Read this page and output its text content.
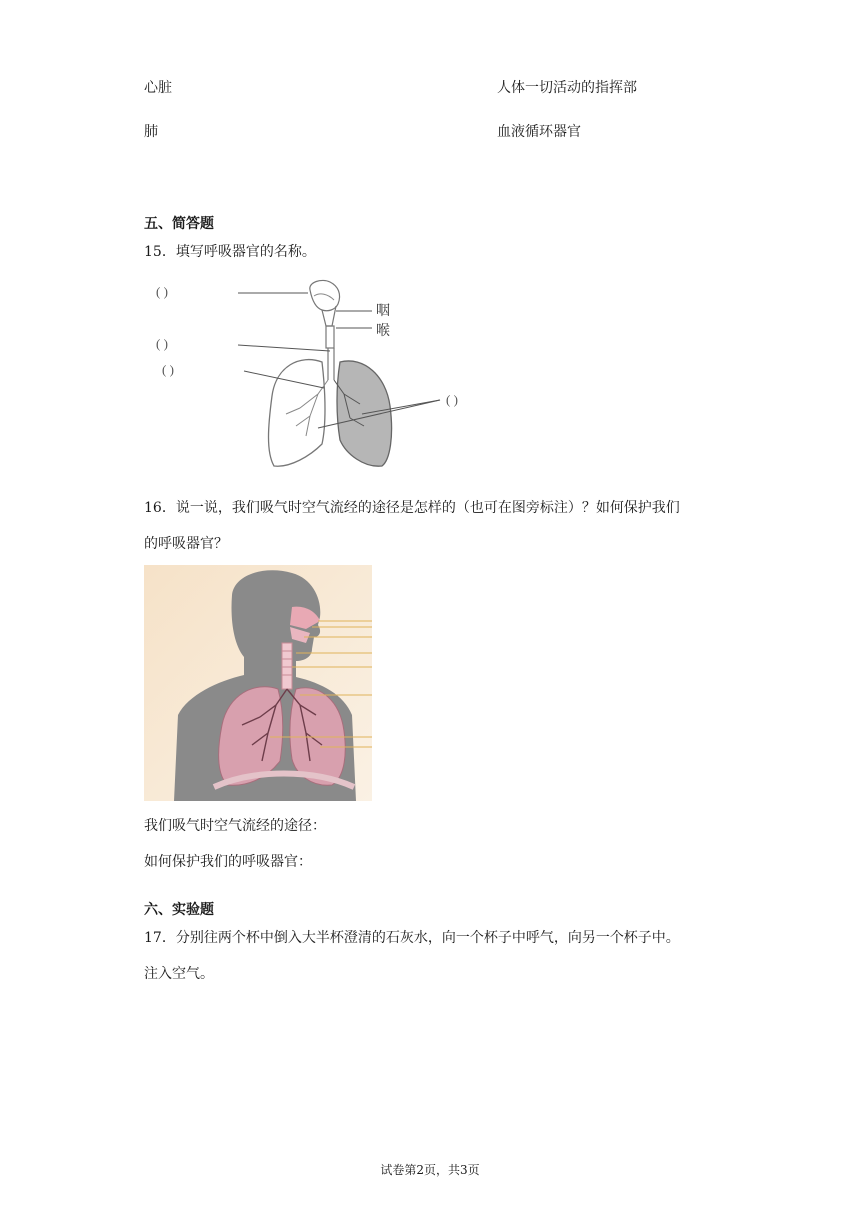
心脏	人体一切活动的指挥部
肺	血液循环器官
五、简答题
15．填写呼吸器官的名称。
( )
( )
( )
( )
咽
喉
16．说一说，我们吸气时空气流经的途径是怎样的（也可在图旁标注）？如何保护我们
的呼吸器官？
我们吸气时空气流经的途径：
如何保护我们的呼吸器官：
六、实验题
17．分别往两个杯中倒入大半杯澄清的石灰水，向一个杯子中呼气，向另一个杯子中。
注入空气。
试卷第2页，共3页
